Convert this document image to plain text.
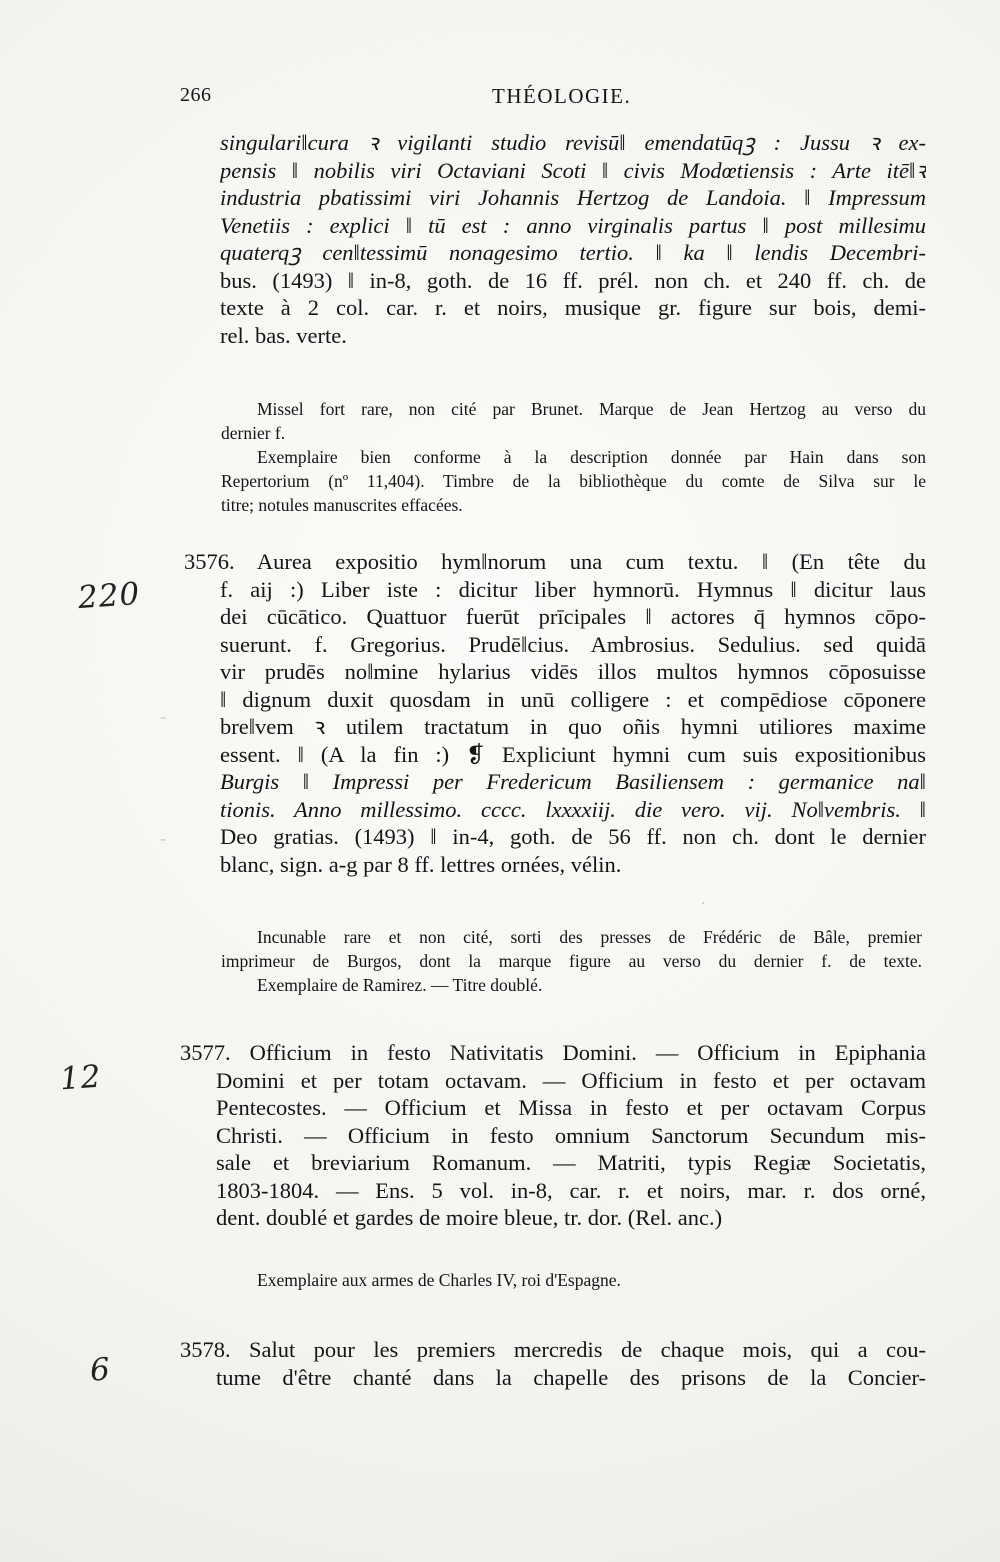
266	THÉOLOGIE.
singulari‖cura ꝛ vigilanti studio revisū‖ emendatūqꝫ : Jussu ꝛ ex-
pensis ‖ nobilis viri Octaviani Scoti ‖ civis Modœtiensis : Arte itē‖ꝛ
industria pbatissimi viri Johannis Hertzog de Landoia. ‖ Impressum
Venetiis : explici ‖ tū est : anno virginalis partus ‖ post millesimu
quaterqꝫ cen‖tessimū nonagesimo tertio. ‖ ka ‖ lendis Decembri-
bus. (1493) ‖ in-8, goth. de 16 ff. prél. non ch. et 240 ff. ch. de
texte à 2 col. car. r. et noirs, musique gr. figure sur bois, demi-
rel. bas. verte.
Missel fort rare, non cité par Brunet. Marque de Jean Hertzog au verso du
dernier f.
Exemplaire bien conforme à la description donnée par Hain dans son
Repertorium (nº 11,404). Timbre de la bibliothèque du comte de Silva sur le
titre; notules manuscrites effacées.
220
3576. Aurea expositio hym‖norum una cum textu. ‖ (En tête du
f. aij :) Liber iste : dicitur liber hymnorū. Hymnus ‖ dicitur laus
dei cūcātico. Quattuor fuerūt prīcipales ‖ actores q̄ hymnos cōpo-
suerunt. f. Gregorius. Prudē‖cius. Ambrosius. Sedulius. sed quidā
vir prudēs no‖mine hylarius vidēs illos multos hymnos cōposuisse
‖ dignum duxit quosdam in unū colligere : et compēdiose cōponere
bre‖vem ꝛ utilem tractatum in quo oñis hymni utiliores maxime
essent. ‖ (A la fin :) ❡ Expliciunt hymni cum suis expositionibus
Burgis ‖ Impressi per Fredericum Basiliensem : germanice na‖
tionis. Anno millessimo. cccc. lxxxxiij. die vero. vij. No‖vembris. ‖
Deo gratias. (1493) ‖ in-4, goth. de 56 ff. non ch. dont le dernier
blanc, sign. a-g par 8 ff. lettres ornées, vélin.
Incunable rare et non cité, sorti des presses de Frédéric de Bâle, premier
imprimeur de Burgos, dont la marque figure au verso du dernier f. de texte.
Exemplaire de Ramirez. — Titre doublé.
12
3577. Officium in festo Nativitatis Domini. — Officium in Epiphania
Domini et per totam octavam. — Officium in festo et per octavam
Pentecostes. — Officium et Missa in festo et per octavam Corpus
Christi. — Officium in festo omnium Sanctorum Secundum mis-
sale et breviarium Romanum. — Matriti, typis Regiæ Societatis,
1803-1804. — Ens. 5 vol. in-8, car. r. et noirs, mar. r. dos orné,
dent. doublé et gardes de moire bleue, tr. dor. (Rel. anc.)
Exemplaire aux armes de Charles IV, roi d'Espagne.
6
3578. Salut pour les premiers mercredis de chaque mois, qui a cou-
tume d'être chanté dans la chapelle des prisons de la Concier-
-
-
·
